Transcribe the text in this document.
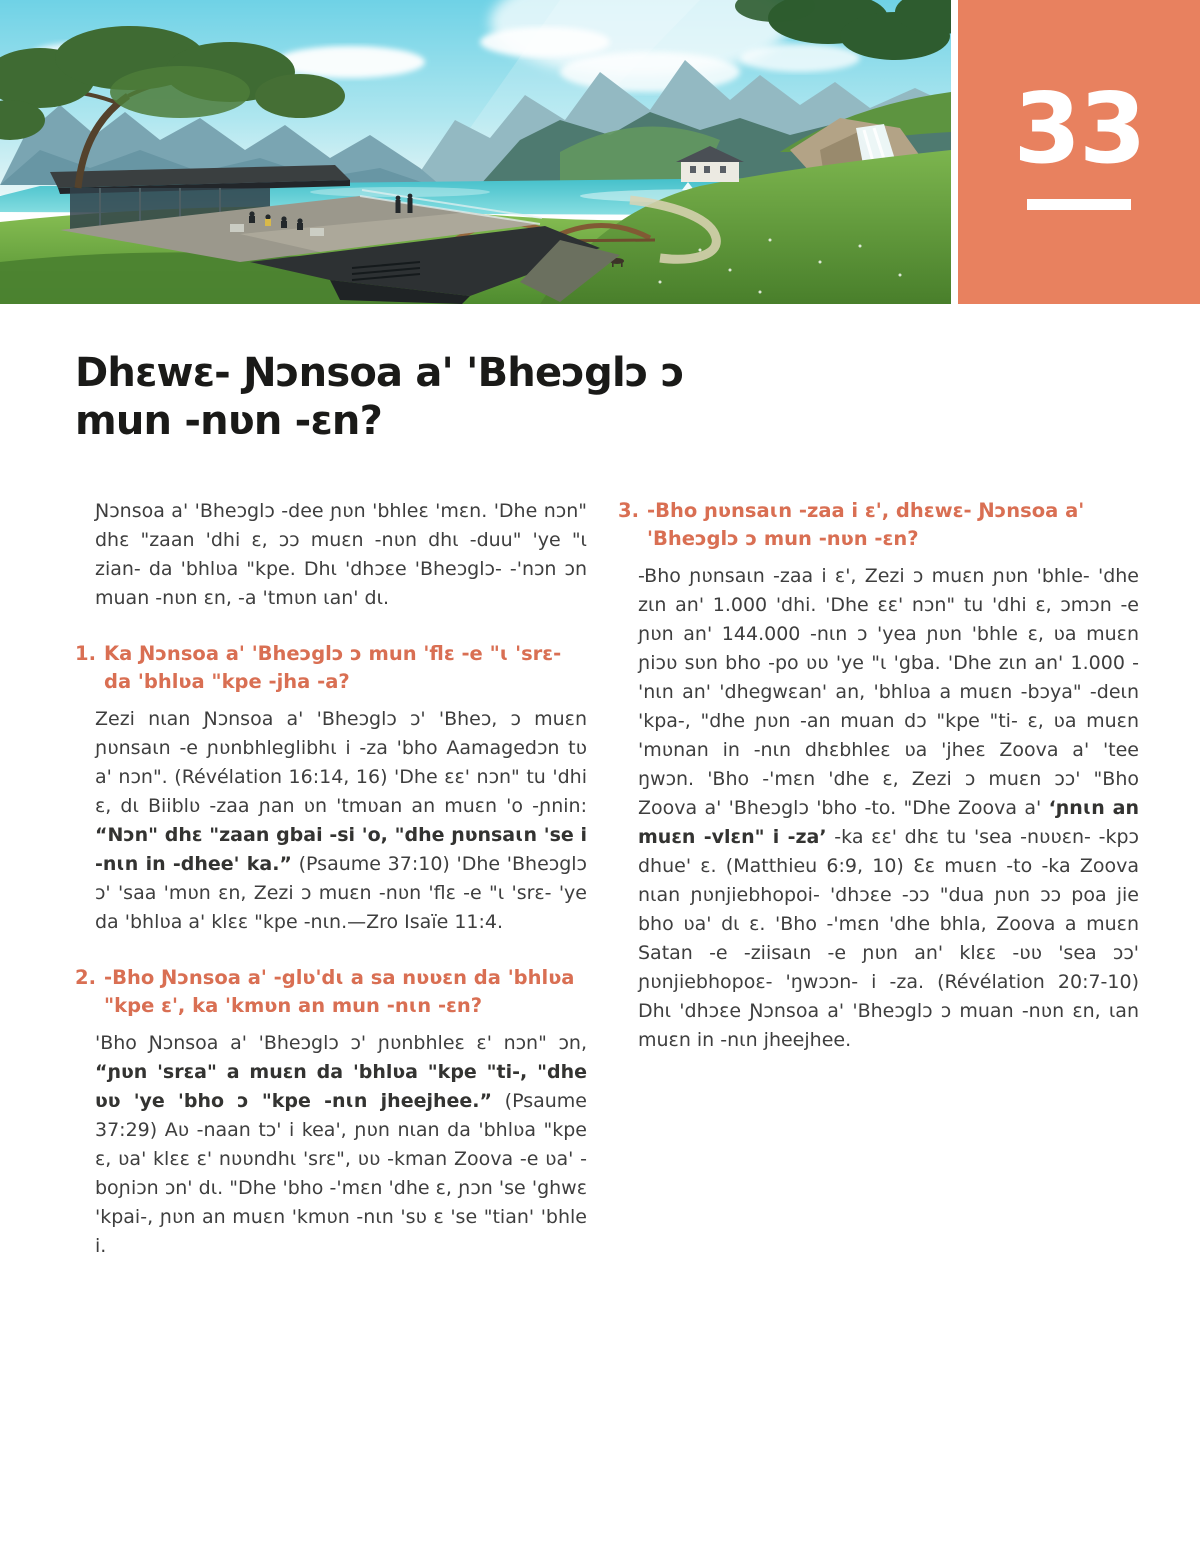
33
Dhɛwɛ- Ɲɔnsoa a' 'Bheɔglɔ ɔ
mun -nʋn -ɛn?

Ɲɔnsoa a' 'Bheɔglɔ -dee ɲʋn 'bhleɛ 'mɛn. 'Dhe nɔn" dhɛ "zaan 'dhi ɛ, ɔɔ muɛn -nʋn dhɩ -duu" 'ye "ɩ zian- da 'bhlʋa "kpe. Dhɩ 'dhɔɛe 'Bheɔglɔ- -'nɔn ɔn muan -nʋn ɛn, -a 'tmʋn ɩan' dɩ.

1. Ka Ɲɔnsoa a' 'Bheɔglɔ ɔ mun 'flɛ -e "ɩ 'srɛ- da 'bhlʋa "kpe -jha -a?

Zezi nɩan Ɲɔnsoa a' 'Bheɔglɔ ɔ' 'Bheɔ, ɔ muɛn ɲʋnsaɩn -e ɲʋnbhleglibhɩ i -za 'bho Aamagedɔn tʋ a' nɔn". (Révélation 16:14, 16) 'Dhe ɛɛ' nɔn" tu 'dhi ɛ, dɩ Biiblʋ -zaa ɲan ʋn 'tmʋan an muɛn 'o -ɲnin: “Nɔn" dhɛ "zaan gbai -si 'o, "dhe ɲʋnsaɩn 'se i -nɩn in -dhee' ka.” (Psaume 37:10) 'Dhe 'Bheɔglɔ ɔ' 'saa 'mʋn ɛn, Zezi ɔ muɛn -nʋn 'flɛ -e "ɩ 'srɛ- 'ye da 'bhlʋa a' klɛɛ "kpe -nɩn.—Zro Isaïe 11:4.

2. -Bho Ɲɔnsoa a' -glʋ'dɩ a sa nʋʋɛn da 'bhlʋa "kpe ɛ', ka 'kmʋn an mun -nɩn -ɛn?

'Bho Ɲɔnsoa a' 'Bheɔglɔ ɔ' ɲʋnbhleɛ ɛ' nɔn" ɔn, “ɲʋn 'srɛa" a muɛn da 'bhlʋa "kpe "ti-, "dhe ʋʋ 'ye 'bho ɔ "kpe -nɩn jheejhee.” (Psaume 37:29) Aʋ -naan tɔ' i kea', ɲʋn nɩan da 'bhlʋa "kpe ɛ, ʋa' klɛɛ ɛ' nʋʋndhɩ 'srɛ", ʋʋ -kman Zoova -e ʋa' -boɲiɔn ɔn' dɩ. "Dhe 'bho -'mɛn 'dhe ɛ, ɲɔn 'se 'ghwɛ 'kpai-, ɲʋn an muɛn 'kmʋn -nɩn 'sʋ ɛ 'se "tian' 'bhle i.

3. -Bho ɲʋnsaɩn -zaa i ɛ', dhɛwɛ- Ɲɔnsoa a' 'Bheɔglɔ ɔ mun -nʋn -ɛn?

-Bho ɲʋnsaɩn -zaa i ɛ', Zezi ɔ muɛn ɲʋn 'bhle- 'dhe zɩn an' 1.000 'dhi. 'Dhe ɛɛ' nɔn" tu 'dhi ɛ, ɔmɔn -e ɲʋn an' 144.000 -nɩn ɔ 'yea ɲʋn 'bhle ɛ, ʋa muɛn ɲiɔʋ sʋn bho -po ʋʋ 'ye "ɩ 'gba. 'Dhe zɩn an' 1.000 -'nɩn an' 'dhegwɛan' an, 'bhlʋa a muɛn -bɔya" -deɩn 'kpa-, "dhe ɲʋn -an muan dɔ "kpe "ti- ɛ, ʋa muɛn 'mʋnan in -nɩn dhɛbhleɛ ʋa 'jheɛ Zoova a' 'tee ŋwɔn. 'Bho -'mɛn 'dhe ɛ, Zezi ɔ muɛn ɔɔ' "Bho Zoova a' 'Bheɔglɔ 'bho -to. "Dhe Zoova a' ‘ɲnɩn an muɛn -vlɛn" i -za’ -ka ɛɛ' dhɛ tu 'sea -nʋʋɛn- -kpɔ dhue' ɛ. (Matthieu 6:9, 10) Ɛɛ muɛn -to -ka Zoova nɩan ɲʋnjiebhopoi- 'dhɔɛe -ɔɔ "dua ɲʋn ɔɔ poa jie bho ʋa' dɩ ɛ. 'Bho -'mɛn 'dhe bhla, Zoova a muɛn Satan -e -ziisaɩn -e ɲʋn an' klɛɛ -ʋʋ 'sea ɔɔ' ɲʋnjiebhopoɛ- 'ŋwɔɔn- i -za. (Révélation 20:7-10) Dhɩ 'dhɔɛe Ɲɔnsoa a' 'Bheɔglɔ ɔ muan -nʋn ɛn, ɩan muɛn in -nɩn jheejhee.
